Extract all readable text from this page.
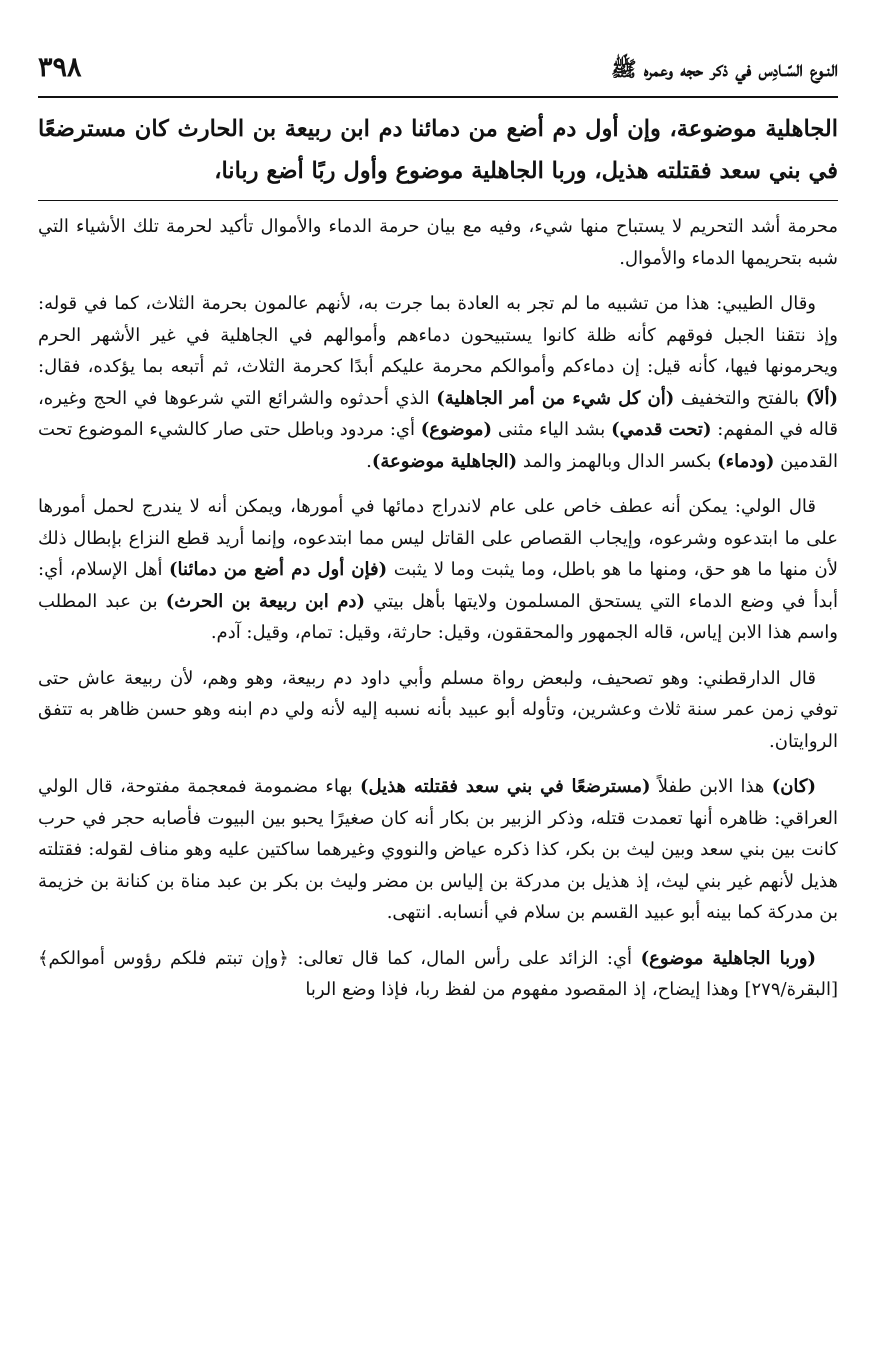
النـوع السّـادِس في ذكر حجه وعمره ﷺ
٣٩٨
الجاهلية موضوعة، وإن أول دم أضع من دمائنا دم ابن ربيعة بن الحارث كان مسترضعًا في بني سعد فقتلته هذيل، وربا الجاهلية موضوع وأول ربًا أضع ربانا،

محرمة أشد التحريم لا يستباح منها شيء، وفيه مع بيان حرمة الدماء والأموال تأكيد لحرمة تلك الأشياء التي شبه بتحريمها الدماء والأموال.

وقال الطيبي: هذا من تشبيه ما لم تجر به العادة بما جرت به، لأنهم عالمون بحرمة الثلاث، كما في قوله: وإذ نتقنا الجبل فوقهم كأنه ظلة كانوا يستبيحون دماءهم وأموالهم في الجاهلية في غير الأشهر الحرم ويحرمونها فيها، كأنه قيل: إن دماءكم وأموالكم محرمة عليكم أبدًا كحرمة الثلاث، ثم أتبعه بما يؤكده، فقال: (ألاَ) بالفتح والتخفيف (أن كل شيء من أمر الجاهلية) الذي أحدثوه والشرائع التي شرعوها في الحج وغيره، قاله في المفهم: (تحت قدمي) بشد الياء مثنى (موضوع) أي: مردود وباطل حتى صار كالشيء الموضوع تحت القدمين (ودماء) بكسر الدال وبالهمز والمد (الجاهلية موضوعة).

قال الولي: يمكن أنه عطف خاص على عام لاندراج دمائها في أمورها، ويمكن أنه لا يندرج لحمل أمورها على ما ابتدعوه وشرعوه، وإيجاب القصاص على القاتل ليس مما ابتدعوه، وإنما أريد قطع النزاع بإبطال ذلك لأن منها ما هو حق، ومنها ما هو باطل، وما يثبت وما لا يثبت (فإن أول دم أضع من دمائنا) أهل الإسلام، أي: أبدأ في وضع الدماء التي يستحق المسلمون ولايتها بأهل بيتي (دم ابن ربيعة بن الحرث) بن عبد المطلب واسم هذا الابن إياس، قاله الجمهور والمحققون، وقيل: حارثة، وقيل: تمام، وقيل: آدم.

قال الدارقطني: وهو تصحيف، ولبعض رواة مسلم وأبي داود دم ربيعة، وهو وهم، لأن ربيعة عاش حتى توفي زمن عمر سنة ثلاث وعشرين، وتأوله أبو عبيد بأنه نسبه إليه لأنه ولي دم ابنه وهو حسن ظاهر به تتفق الروايتان.

(كان) هذا الابن طفلاً (مسترضعًا في بني سعد فقتلته هذيل) بهاء مضمومة فمعجمة مفتوحة، قال الولي العراقي: ظاهره أنها تعمدت قتله، وذكر الزبير بن بكار أنه كان صغيرًا يحبو بين البيوت فأصابه حجر في حرب كانت بين بني سعد وبين ليث بن بكر، كذا ذكره عياض والنووي وغيرهما ساكتين عليه وهو مناف لقوله: فقتلته هذيل لأنهم غير بني ليث، إذ هذيل بن مدركة بن إلياس بن مضر وليث بن بكر بن عبد مناة بن كنانة بن خزيمة بن مدركة كما بينه أبو عبيد القسم بن سلام في أنسابه. انتهى.

(وربا الجاهلية موضوع) أي: الزائد على رأس المال، كما قال تعالى: ﴿وإن تبتم فلكم رؤوس أموالكم﴾ [البقرة/٢٧٩] وهذا إيضاح، إذ المقصود مفهوم من لفظ ربا، فإذا وضع الربا
